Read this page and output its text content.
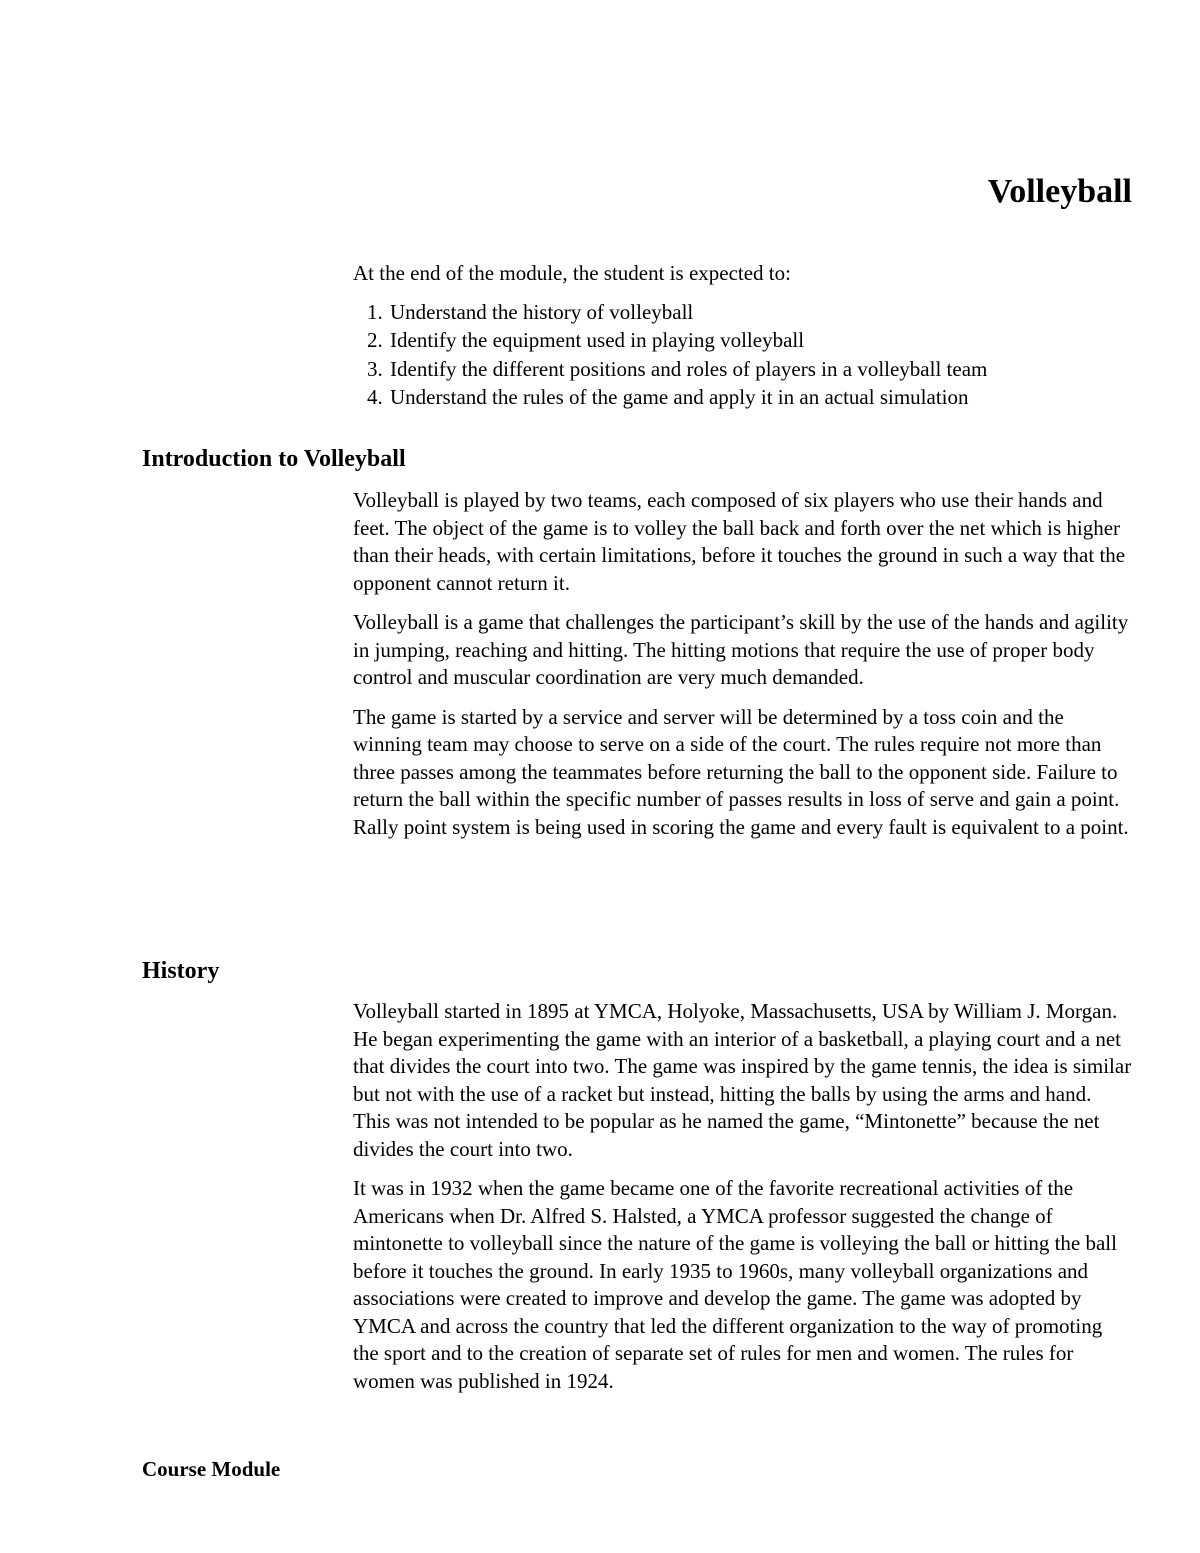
Volleyball

At the end of the module, the student is expected to:

1. Understand the history of volleyball
2. Identify the equipment used in playing volleyball
3. Identify the different positions and roles of players in a volleyball team
4. Understand the rules of the game and apply it in an actual simulation
Introduction to Volleyball

Volleyball is played by two teams, each composed of six players who use their hands and feet. The object of the game is to volley the ball back and forth over the net which is higher than their heads, with certain limitations, before it touches the ground in such a way that the opponent cannot return it.

Volleyball is a game that challenges the participant’s skill by the use of the hands and agility in jumping, reaching and hitting. The hitting motions that require the use of proper body control and muscular coordination are very much demanded.

The game is started by a service and server will be determined by a toss coin and the winning team may choose to serve on a side of the court. The rules require not more than three passes among the teammates before returning the ball to the opponent side. Failure to return the ball within the specific number of passes results in loss of serve and gain a point. Rally point system is being used in scoring the game and every fault is equivalent to a point.

History

Volleyball started in 1895 at YMCA, Holyoke, Massachusetts, USA by William J. Morgan. He began experimenting the game with an interior of a basketball, a playing court and a net that divides the court into two. The game was inspired by the game tennis, the idea is similar but not with the use of a racket but instead, hitting the balls by using the arms and hand. This was not intended to be popular as he named the game, “Mintonette” because the net divides the court into two.

It was in 1932 when the game became one of the favorite recreational activities of the Americans when Dr. Alfred S. Halsted, a YMCA professor suggested the change of mintonette to volleyball since the nature of the game is volleying the ball or hitting the ball before it touches the ground. In early 1935 to 1960s, many volleyball organizations and associations were created to improve and develop the game. The game was adopted by YMCA and across the country that led the different organization to the way of promoting the sport and to the creation of separate set of rules for men and women. The rules for women was published in 1924.

Course Module
